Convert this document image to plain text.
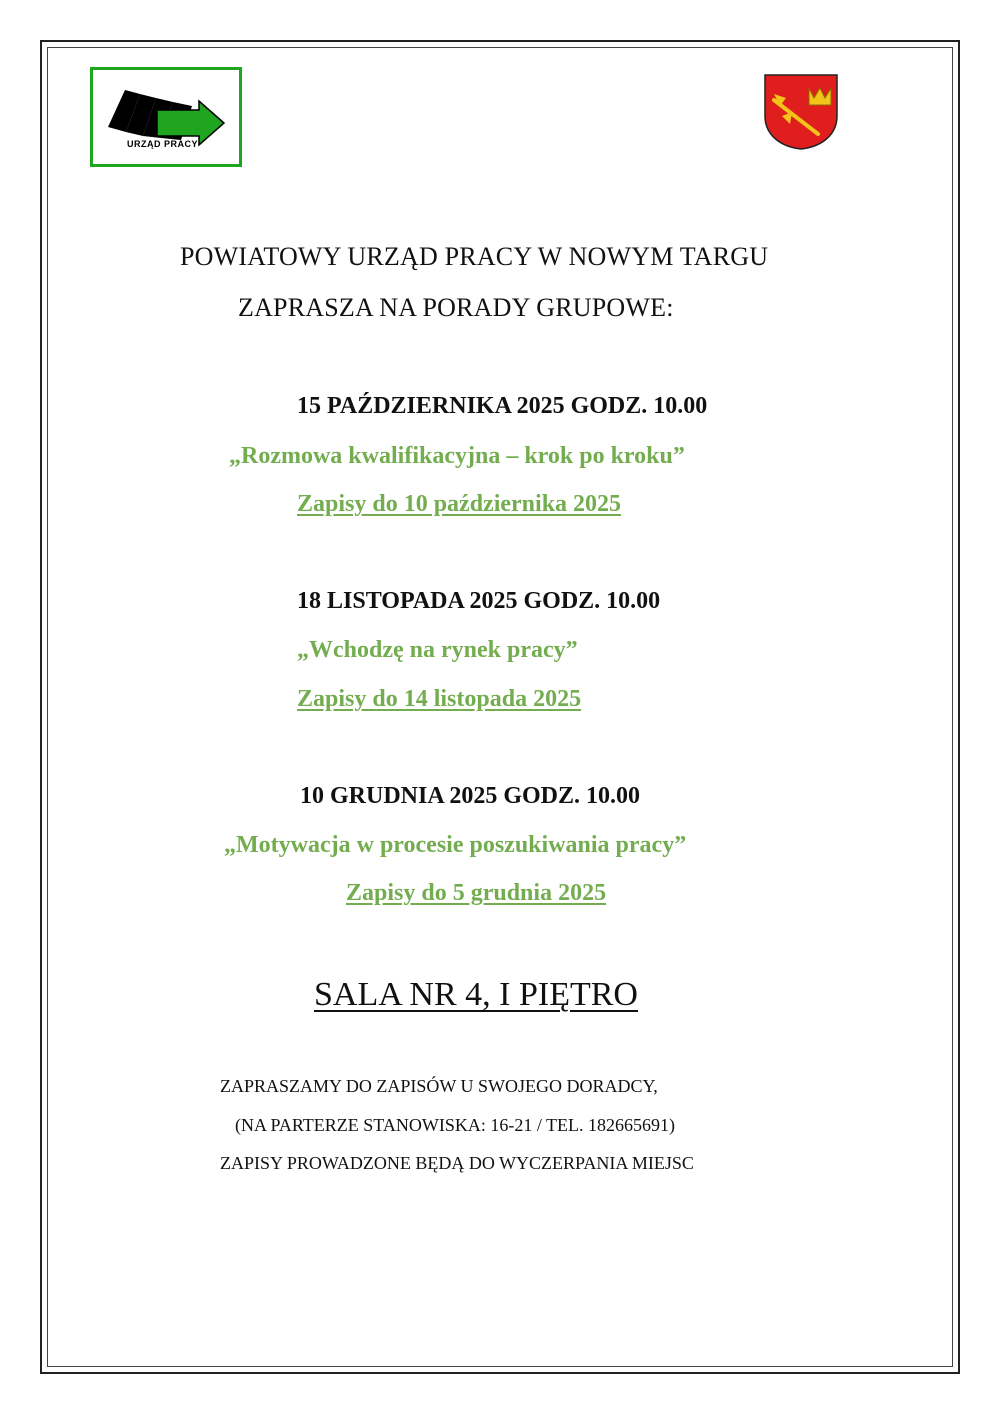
URZĄD PRACY
POWIATOWY URZĄD PRACY W NOWYM TARGU
ZAPRASZA NA PORADY GRUPOWE:
15 PAŹDZIERNIKA 2025 GODZ. 10.00
„Rozmowa kwalifikacyjna – krok po kroku”
Zapisy do 10 października 2025
18 LISTOPADA 2025 GODZ. 10.00
„Wchodzę na rynek pracy”
Zapisy do 14 listopada 2025
10 GRUDNIA 2025 GODZ. 10.00
„Motywacja w procesie poszukiwania pracy”
Zapisy do 5 grudnia 2025
SALA NR 4, I PIĘTRO
ZAPRASZAMY DO ZAPISÓW U SWOJEGO DORADCY,
(NA PARTERZE STANOWISKA: 16-21 / TEL. 182665691)
ZAPISY PROWADZONE BĘDĄ DO WYCZERPANIA MIEJSC
